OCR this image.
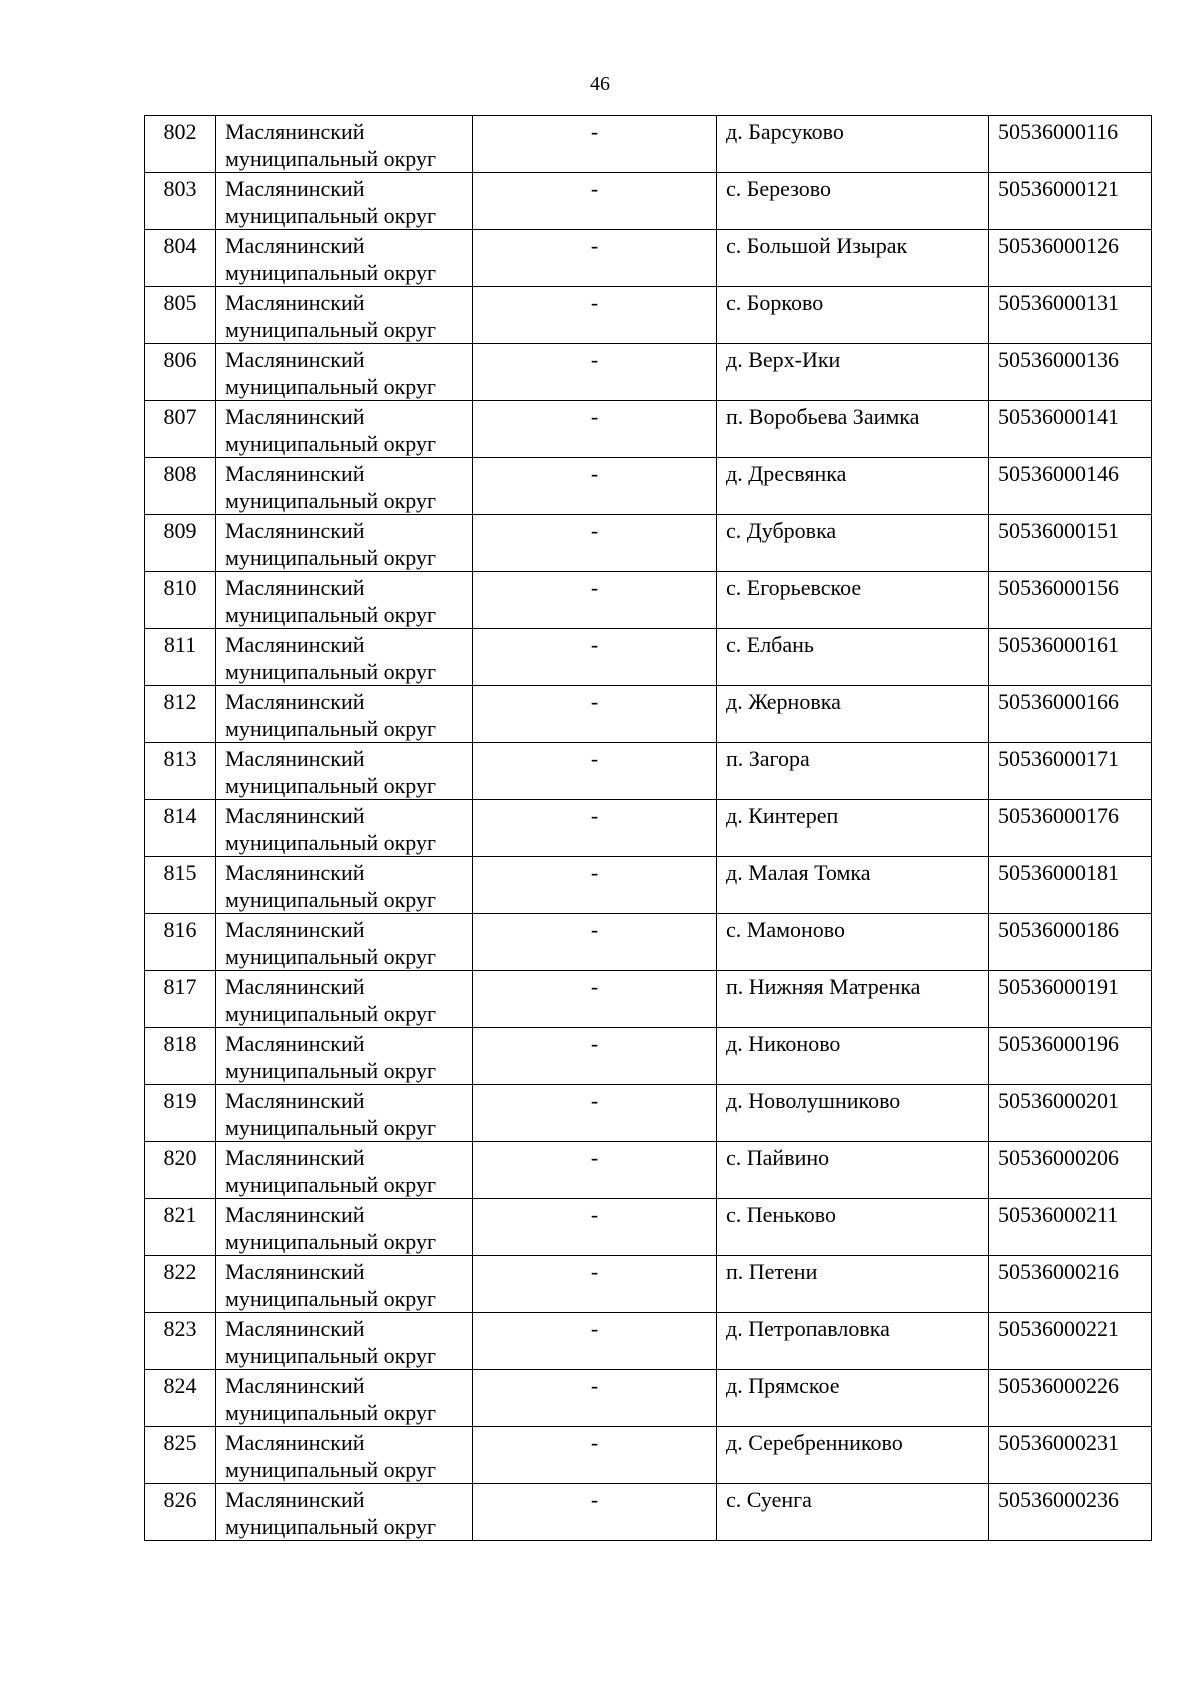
46
802	Маслянинский
муниципальный округ	-	д. Барсуково	50536000116
803	Маслянинский
муниципальный округ	-	с. Березово	50536000121
804	Маслянинский
муниципальный округ	-	с. Большой Изырак	50536000126
805	Маслянинский
муниципальный округ	-	с. Борково	50536000131
806	Маслянинский
муниципальный округ	-	д. Верх-Ики	50536000136
807	Маслянинский
муниципальный округ	-	п. Воробьева Заимка	50536000141
808	Маслянинский
муниципальный округ	-	д. Дресвянка	50536000146
809	Маслянинский
муниципальный округ	-	с. Дубровка	50536000151
810	Маслянинский
муниципальный округ	-	с. Егорьевское	50536000156
811	Маслянинский
муниципальный округ	-	с. Елбань	50536000161
812	Маслянинский
муниципальный округ	-	д. Жерновка	50536000166
813	Маслянинский
муниципальный округ	-	п. Загора	50536000171
814	Маслянинский
муниципальный округ	-	д. Кинтереп	50536000176
815	Маслянинский
муниципальный округ	-	д. Малая Томка	50536000181
816	Маслянинский
муниципальный округ	-	с. Мамоново	50536000186
817	Маслянинский
муниципальный округ	-	п. Нижняя Матренка	50536000191
818	Маслянинский
муниципальный округ	-	д. Никоново	50536000196
819	Маслянинский
муниципальный округ	-	д. Новолушниково	50536000201
820	Маслянинский
муниципальный округ	-	с. Пайвино	50536000206
821	Маслянинский
муниципальный округ	-	с. Пеньково	50536000211
822	Маслянинский
муниципальный округ	-	п. Петени	50536000216
823	Маслянинский
муниципальный округ	-	д. Петропавловка	50536000221
824	Маслянинский
муниципальный округ	-	д. Прямское	50536000226
825	Маслянинский
муниципальный округ	-	д. Серебренниково	50536000231
826	Маслянинский
муниципальный округ	-	с. Суенга	50536000236
